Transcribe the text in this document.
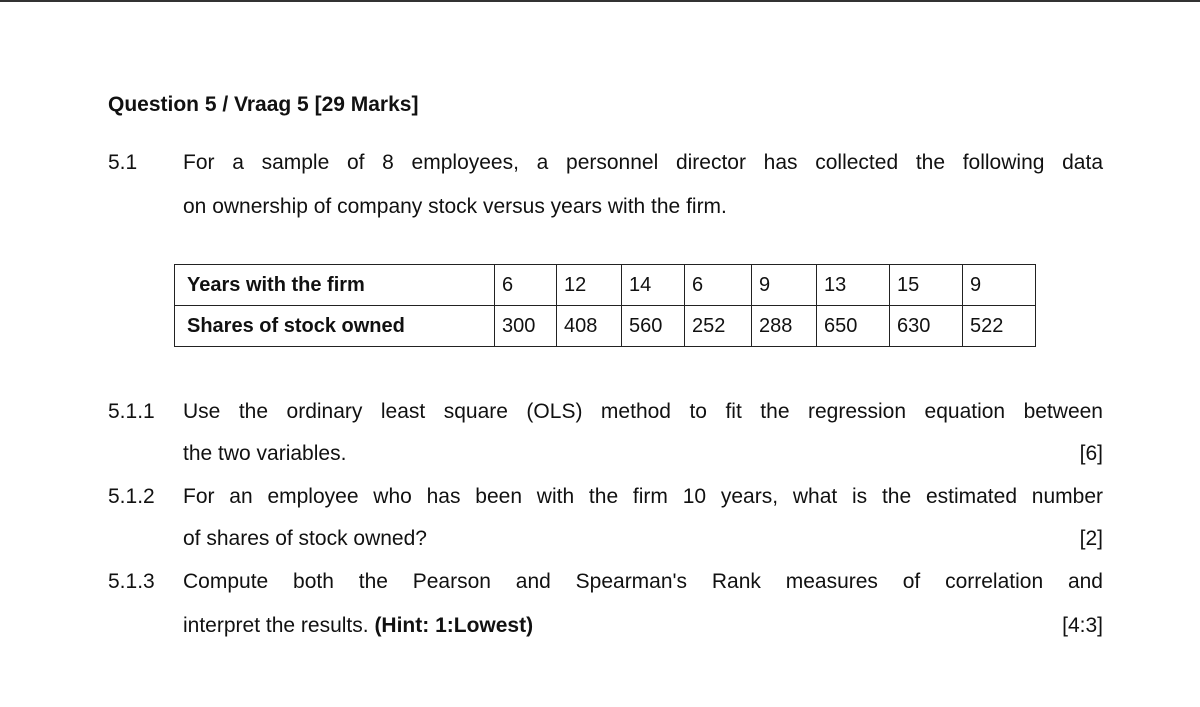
Question 5 / Vraag 5 [29 Marks]
5.1 For a sample of 8 employees, a personnel director has collected the following data
on ownership of company stock versus years with the firm.
Years with the firm	6	12	14	6	9	13	15	9
Shares of stock owned	300	408	560	252	288	650	630	522
5.1.1 Use the ordinary least square (OLS) method to fit the regression equation between
the two variables.	[6]
5.1.2 For an employee who has been with the firm 10 years, what is the estimated number
of shares of stock owned?	[2]
5.1.3 Compute both the Pearson and Spearman's Rank measures of correlation and
interpret the results. (Hint: 1:Lowest)	[4:3]
